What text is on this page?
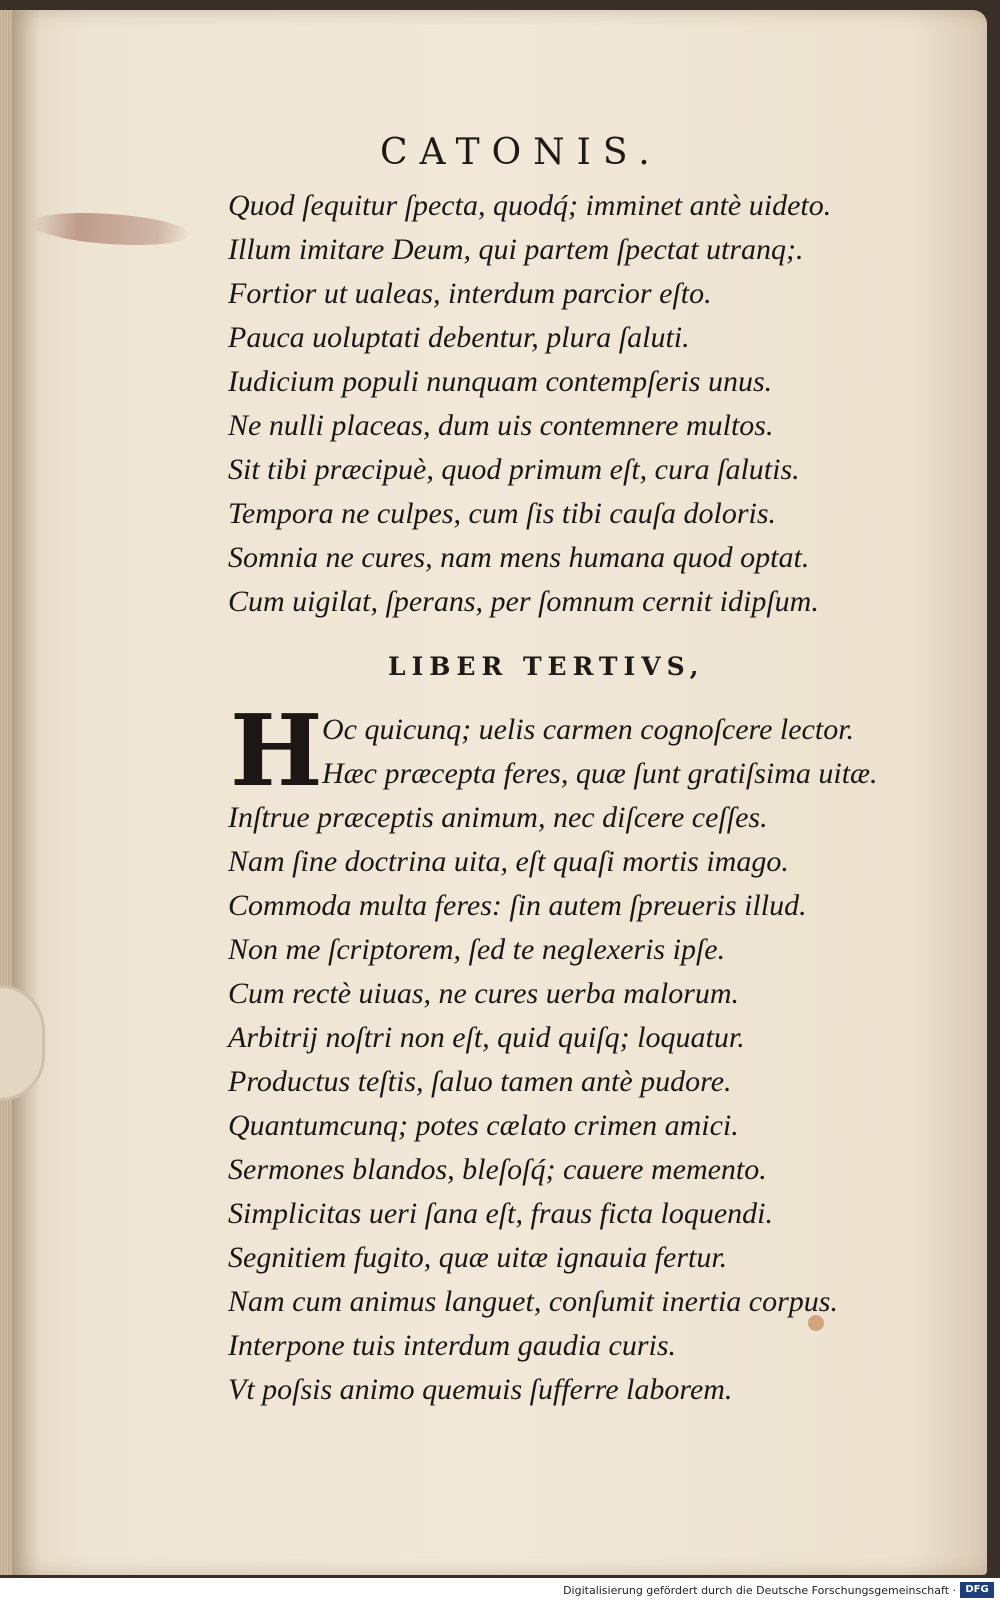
CATONIS.
Quod ſequitur ſpecta, quodq́; imminet antè uideto.
Illum imitare Deum, qui partem ſpectat utranq;.
Fortior ut ualeas, interdum parcior eſto.
Pauca uoluptati debentur, plura ſaluti.
Iudicium populi nunquam contempſeris unus.
Ne nulli placeas, dum uis contemnere multos.
Sit tibi præcipuè, quod primum eſt, cura ſalutis.
Tempora ne culpes, cum ſis tibi cauſa doloris.
Somnia ne cures, nam mens humana quod optat.
Cum uigilat, ſperans, per ſomnum cernit idipſum.
LIBER TERTIVS,
H Oc quicunq; uelis carmen cognoſcere lector.
Hæc præcepta feres, quæ ſunt gratiſsima uitæ.
Inſtrue præceptis animum, nec diſcere ceſſes.
Nam ſine doctrina uita, eſt quaſi mortis imago.
Commoda multa feres: ſin autem ſpreueris illud.
Non me ſcriptorem, ſed te neglexeris ipſe.
Cum rectè uiuas, ne cures uerba malorum.
Arbitrij noſtri non eſt, quid quiſq; loquatur.
Productus teſtis, ſaluo tamen antè pudore.
Quantumcunq; potes cælato crimen amici.
Sermones blandos, bleſoſq́; cauere memento.
Simplicitas ueri ſana eſt, fraus ficta loquendi.
Segnitiem fugito, quæ uitæ ignauia fertur.
Nam cum animus languet, conſumit inertia corpus.
Interpone tuis interdum gaudia curis.
Vt poſsis animo quemuis ſufferre laborem.
Digitalisierung gefördert durch die Deutsche Forschungsgemeinschaft · DFG
